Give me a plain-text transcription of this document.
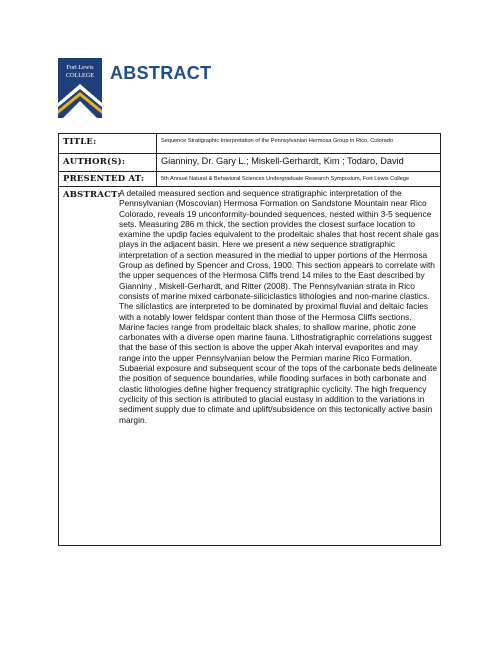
Fort Lewis
COLLEGE ABSTRACT
TITLE:	Sequence Stratigraphic Interpretation of the Pennsylvanian Hermosa Group in Rico, Colorado
AUTHOR(S):	Gianniny, Dr. Gary L.; Miskell-Gerhardt, Kim ; Todaro, David
PRESENTED AT:	5th Annual Natural & Behavioral Sciences Undergraduate Research Symposium, Fort Lewis College
ABSTRACT:

A detailed measured section and sequence stratigraphic interpretation of the Pennsylvanian (Moscovian) Hermosa Formation on Sandstone Mountain near Rico Colorado, reveals 19 unconformity-bounded sequences, nested within 3-5 sequence sets. Measuring 286 m thick, the section provides the closest surface location to examine the updip facies equivalent to the prodeltaic shales that host recent shale gas plays in the adjacent basin. Here we present a new sequence stratigraphic interpretation of a section measured in the medial to upper portions of the Hermosa Group as defined by Spencer and Cross, 1900. This section appears to correlate with the upper sequences of the Hermosa Cliffs trend 14 miles to the East described by Gianniny , Miskell-Gerhardt, and Ritter (2008). The Pennsylvanian strata in Rico consists of marine mixed carbonate-siliciclastics lithologies and non-marine clastics. The siliclastics are interpreted to be dominated by proximal fluvial and deltaic facies with a notably lower feldspar content than those of the Hermosa Cliffs sections. Marine facies range from prodeltaic black shales, to shallow marine, photic zone carbonates with a diverse open marine fauna. Lithostratigraphic correlations suggest that the base of this section is above the upper Akah interval evaporites and may range into the upper Pennsylvanian below the Permian marine Rico Formation. Subaerial exposure and subsequent scour of the tops of the carbonate beds delineate the position of sequence boundaries, while flooding surfaces in both carbonate and clastic lithologies define higher frequency stratigraphic cyclicity. The high frequency cyclicity of this section is attributed to glacial eustasy in addition to the variations in sediment supply due to climate and uplift/subsidence on this tectonically active basin margin.
